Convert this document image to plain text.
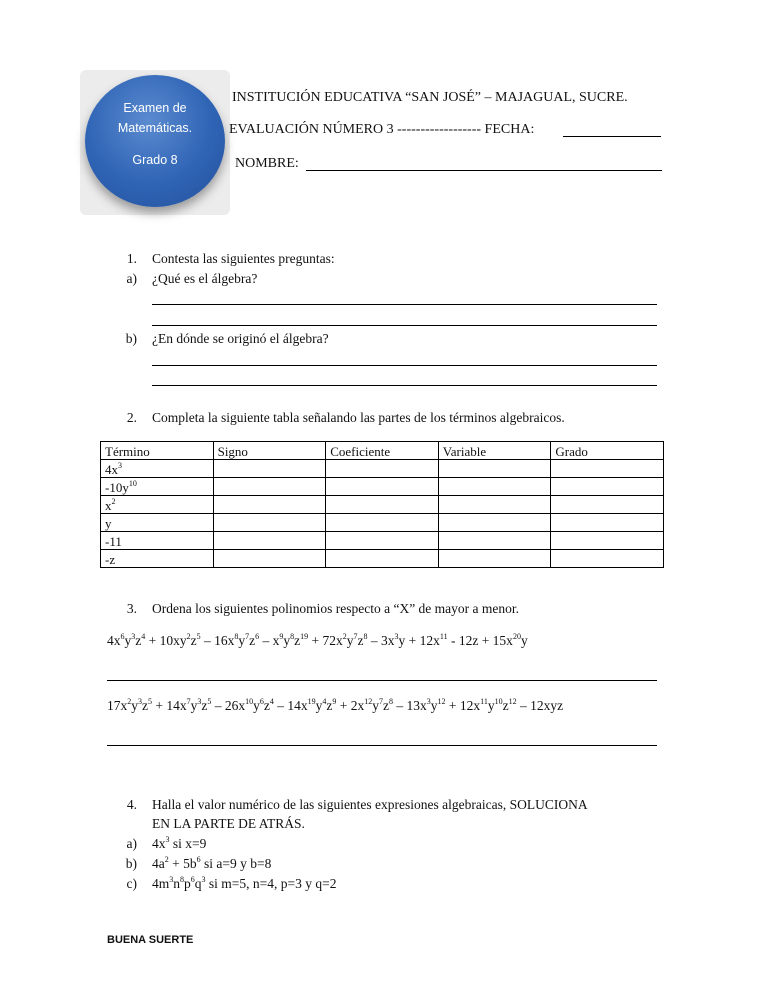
Examen de
Matemáticas.
Grado 8
INSTITUCIÓN EDUCATIVA “SAN JOSÉ” – MAJAGUAL, SUCRE.
EVALUACIÓN NÚMERO 3 ------------------ FECHA:
NOMBRE:
1. Contesta las siguientes preguntas:
a) ¿Qué es el álgebra?
b) ¿En dónde se originó el álgebra?
2. Completa la siguiente tabla señalando las partes de los términos algebraicos.
Término	Signo	Coeficiente	Variable	Grado
$4x^3$				
$-10y^{10}$				
$x^2$				
y				
-11				
-z				
3. Ordena los siguientes polinomios respecto a “X” de mayor a menor.
$4x^6y^3z^4 + 10xy^2z^5 - 16x^8y^7z^6 - x^9y^8z^{19} + 72x^2y^7z^8 - 3x^3y + 12x^{11} - 12z + 15x^{20}y$
$17x^2y^3z^5 + 14x^7y^3z^5 - 26x^{10}y^6z^4 - 14x^{19}y^4z^9 + 2x^{12}y^7z^8 - 13x^3y^{12} + 12x^{11}y^{10}z^{12} - 12xyz$
4. Halla el valor numérico de las siguientes expresiones algebraicas, SOLUCIONA
EN LA PARTE DE ATRÁS.
a) $4x^3$ si x=9
b) $4a^2 + 5b^6$ si a=9 y b=8
c) $4m^3n^8p^6q^3$ si m=5, n=4, p=3 y q=2
BUENA SUERTE
